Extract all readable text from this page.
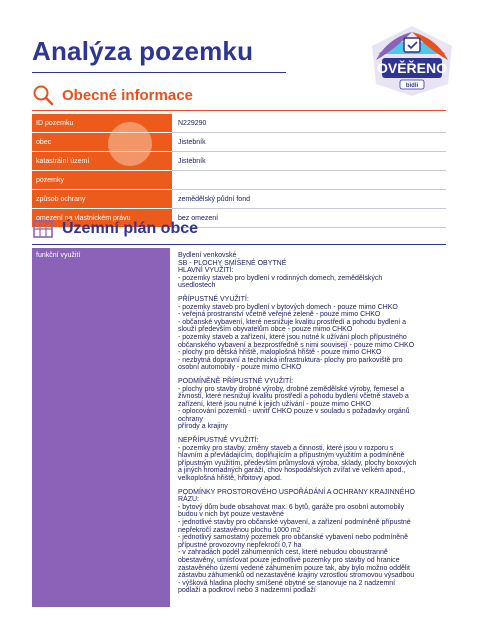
Analýza pozemku
OVĚŘENO
bidli
Obecné informace
ID pozemku	N229290
obec	Jistebník
katastrální území	Jistebník
pozemky	
způsob ochrany	zemědělský půdní fond
omezení na vlastnickém právu	bez omezení
Územní plán obce
funkční využití	Bydlení venkovské
SB - PLOCHY SMÍŠENÉ OBYTNÉ
HLAVNÍ VYUŽITÍ:
- pozemky staveb pro bydlení v rodinných domech, zemědělských
usedlostech
PŘÍPUSTNÉ VYUŽITÍ:
- pozemky staveb pro bydlení v bytových domech - pouze mimo CHKO
- veřejná prostranství včetně veřejné zeleně - pouze mimo CHKO
- občanské vybavení, které nesnižuje kvalitu prostředí a pohodu bydlení a
slouží především obyvatelům obce - pouze mimo CHKO
- pozemky staveb a zařízení, které jsou nutné k užívání ploch přípustného
občanského vybavení a bezprostředně s nimi souvisejí - pouze mimo CHKO
- plochy pro dětská hřiště, maloplošná hřiště - pouze mimo CHKO
- nezbytná dopravní a technická infrastruktura- plochy pro parkoviště pro
osobní automobily - pouze mimo CHKO
PODMÍNĚNĚ PŘÍPUSTNÉ VYUŽITÍ:
- plochy pro stavby drobné výroby, drobné zemědělské výroby, řemesel a
živností, které nesnižují kvalitu prostředí a pohodu bydlení včetně staveb a
zařízení, které jsou nutné k jejich užívání - pouze mimo CHKO
- oplocování pozemků - uvnitř CHKO pouze v souladu s požadavky orgánů
ochrany
přírody a krajiny
NEPŘÍPUSTNÉ VYUŽITÍ:
- pozemky pro stavby, změny staveb a činnosti, které jsou v rozporu s
hlavním a převládajícím, doplňujícím a přípustným využitím a podmíněně
přípustným využitím, především průmyslová výroba, sklady, plochy boxových
a jiných hromadných garáží, chov hospodářských zvířat ve velkém apod.,
velkoplošná hřiště, hřbitovy apod.
PODMÍNKY PROSTOROVÉHO USPOŘÁDÁNÍ A OCHRANY KRAJINNÉHO
RÁZU:
- bytový dům bude obsahovat max. 6 bytů, garáže pro osobní automobily
budou v nich byt pouze vestavěné
- jednotlivé stavby pro občanské vybavení, a zařízení podmíněně přípustné
nepřekročí zastavěnou plochu 1000 m2
- jednotlivý samostatný pozemek pro občanské vybavení nebo podmíněně
přípustné provozovny nepřekročí 0,7 ha
- v zahradách podél záhumenních cest, které nebudou oboustranně
obestavěny, umísťovat pouze jednotlivé pozemky pro stavby od hranice
zastavěného území vedené záhumením pouze tak, aby bylo možno oddělit
zástavbu záhumenků od nezastavěné krajiny vzrostlou stromovou výsadbou
- výšková hladina plochy smíšené obytné se stanovuje na 2 nadzemní
podlaží a podkroví nebo 3 nadzemní podlaží
